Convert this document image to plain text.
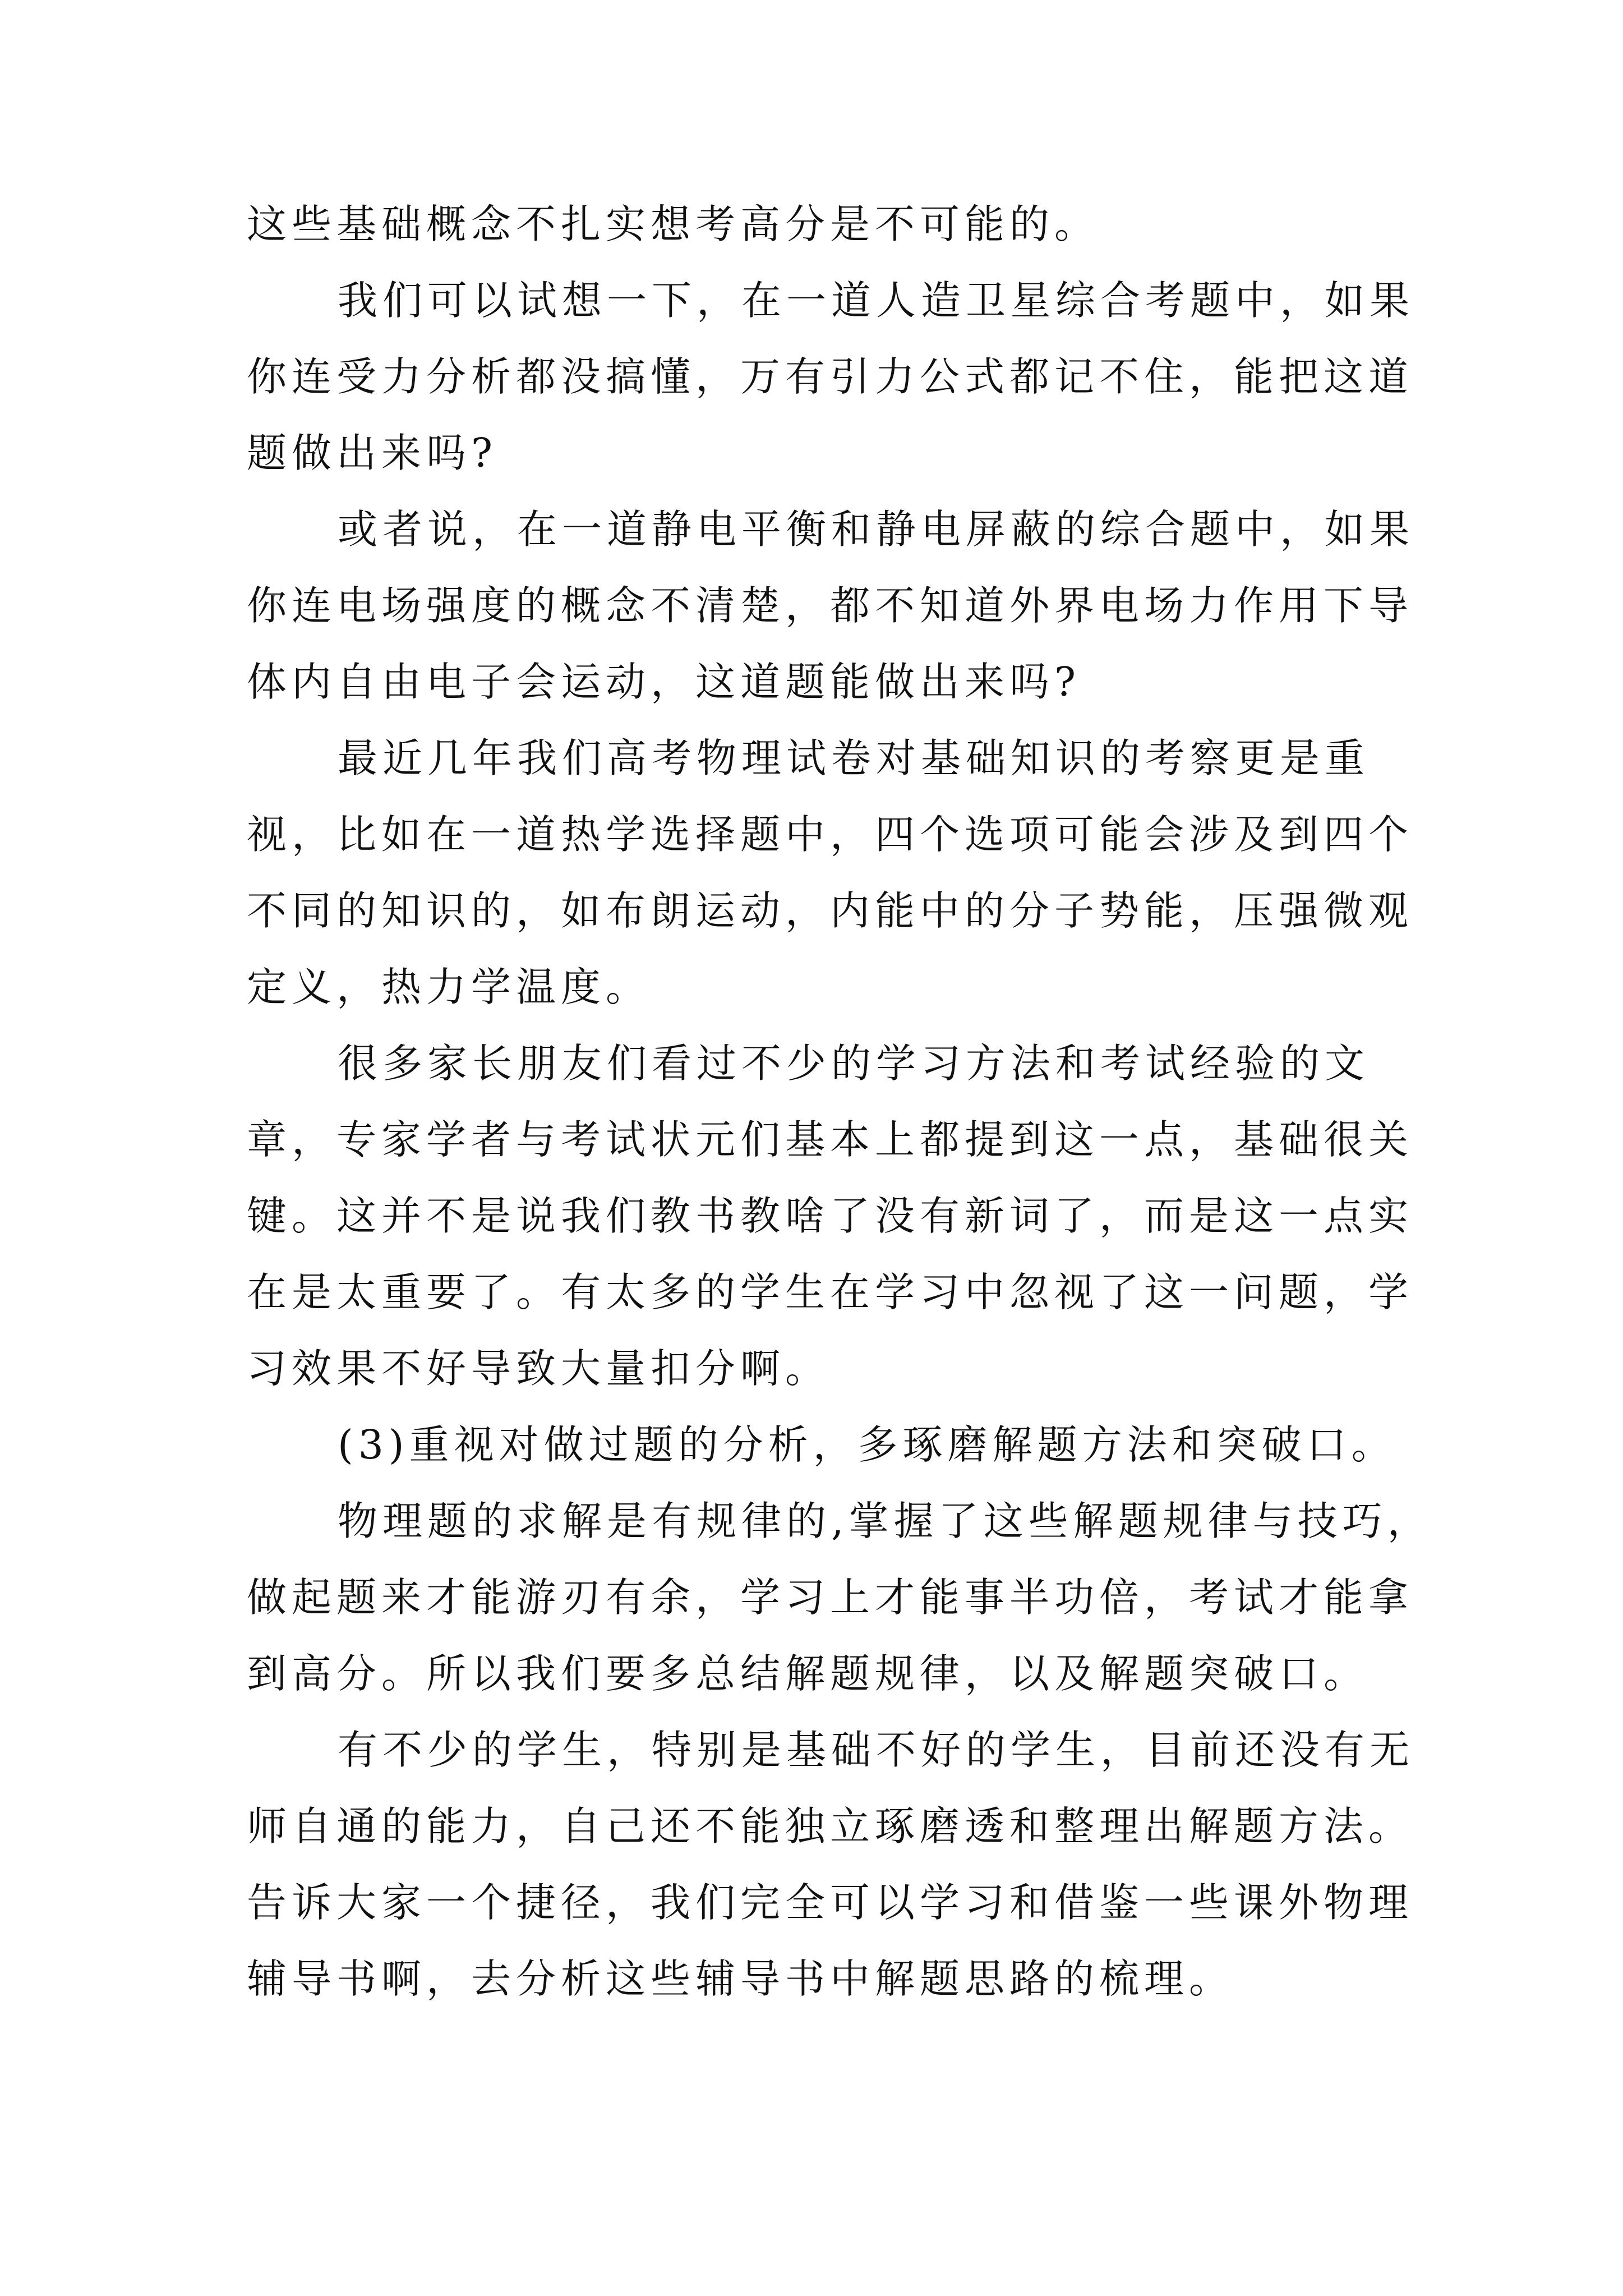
这些基础概念不扎实想考高分是不可能的。
我们可以试想一下，在一道人造卫星综合考题中，如果
你连受力分析都没搞懂，万有引力公式都记不住，能把这道
题做出来吗?
或者说，在一道静电平衡和静电屏蔽的综合题中，如果
你连电场强度的概念不清楚，都不知道外界电场力作用下导
体内自由电子会运动，这道题能做出来吗?
最近几年我们高考物理试卷对基础知识的考察更是重
视，比如在一道热学选择题中，四个选项可能会涉及到四个
不同的知识的，如布朗运动，内能中的分子势能，压强微观
定义，热力学温度。
很多家长朋友们看过不少的学习方法和考试经验的文
章，专家学者与考试状元们基本上都提到这一点，基础很关
键。这并不是说我们教书教啥了没有新词了，而是这一点实
在是太重要了。有太多的学生在学习中忽视了这一问题，学
习效果不好导致大量扣分啊。
(3)重视对做过题的分析，多琢磨解题方法和突破口。
物理题的求解是有规律的,掌握了这些解题规律与技巧，
做起题来才能游刃有余，学习上才能事半功倍，考试才能拿
到高分。所以我们要多总结解题规律，以及解题突破口。
有不少的学生，特别是基础不好的学生，目前还没有无
师自通的能力，自己还不能独立琢磨透和整理出解题方法。
告诉大家一个捷径，我们完全可以学习和借鉴一些课外物理
辅导书啊，去分析这些辅导书中解题思路的梳理。
